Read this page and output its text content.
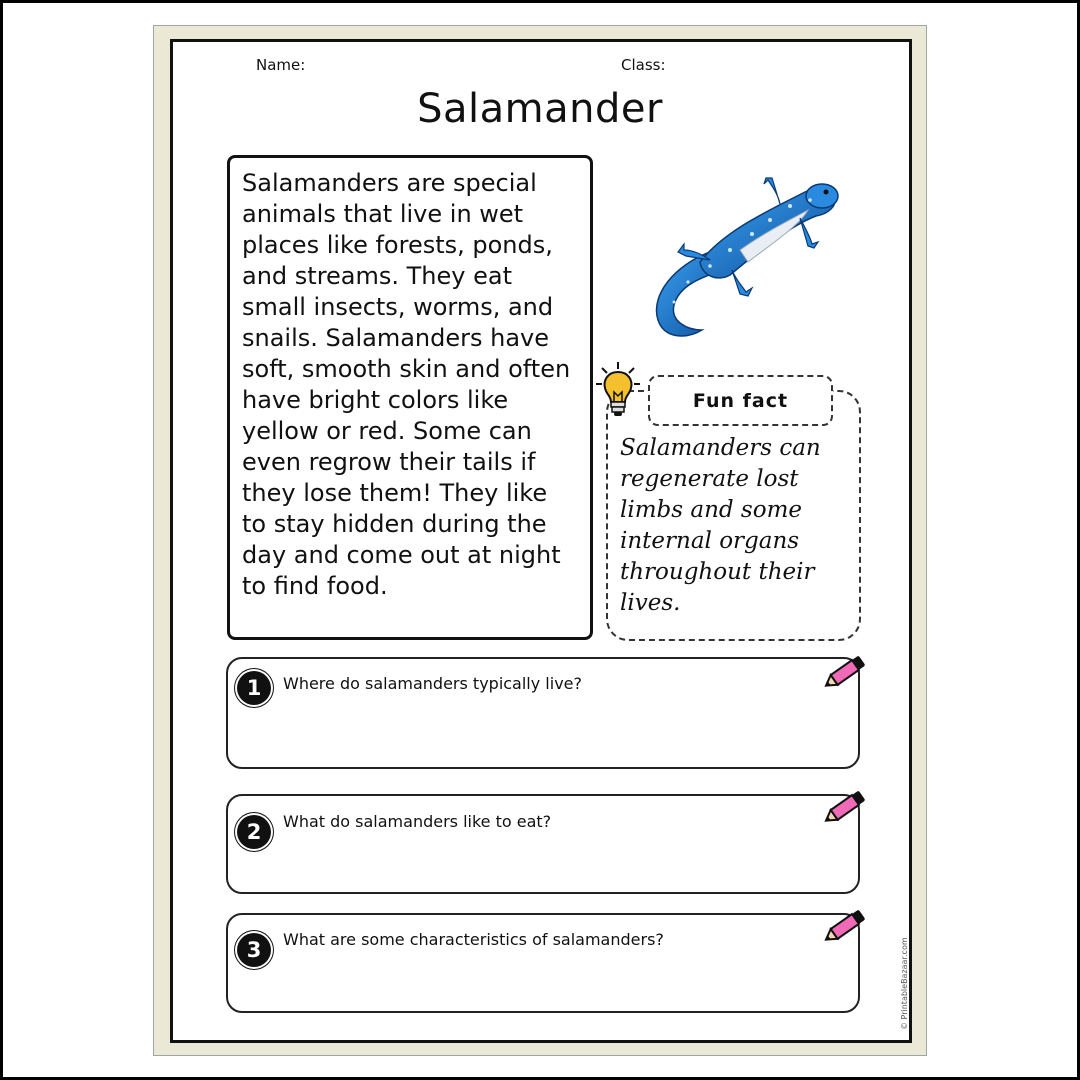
Name:	Class:
Salamander

Salamanders are special animals that live in wet places like forests, ponds, and streams. They eat small insects, worms, and snails. Salamanders have soft, smooth skin and often have bright colors like yellow or red. Some can even regrow their tails if they lose them! They like to stay hidden during the day and come out at night to find food.

Fun fact

Salamanders can regenerate lost limbs and some internal organs throughout their lives.

1	Where do salamanders typically live?
2	What do salamanders like to eat?
3	What are some characteristics of salamanders?	© PrintableBazaar.com
